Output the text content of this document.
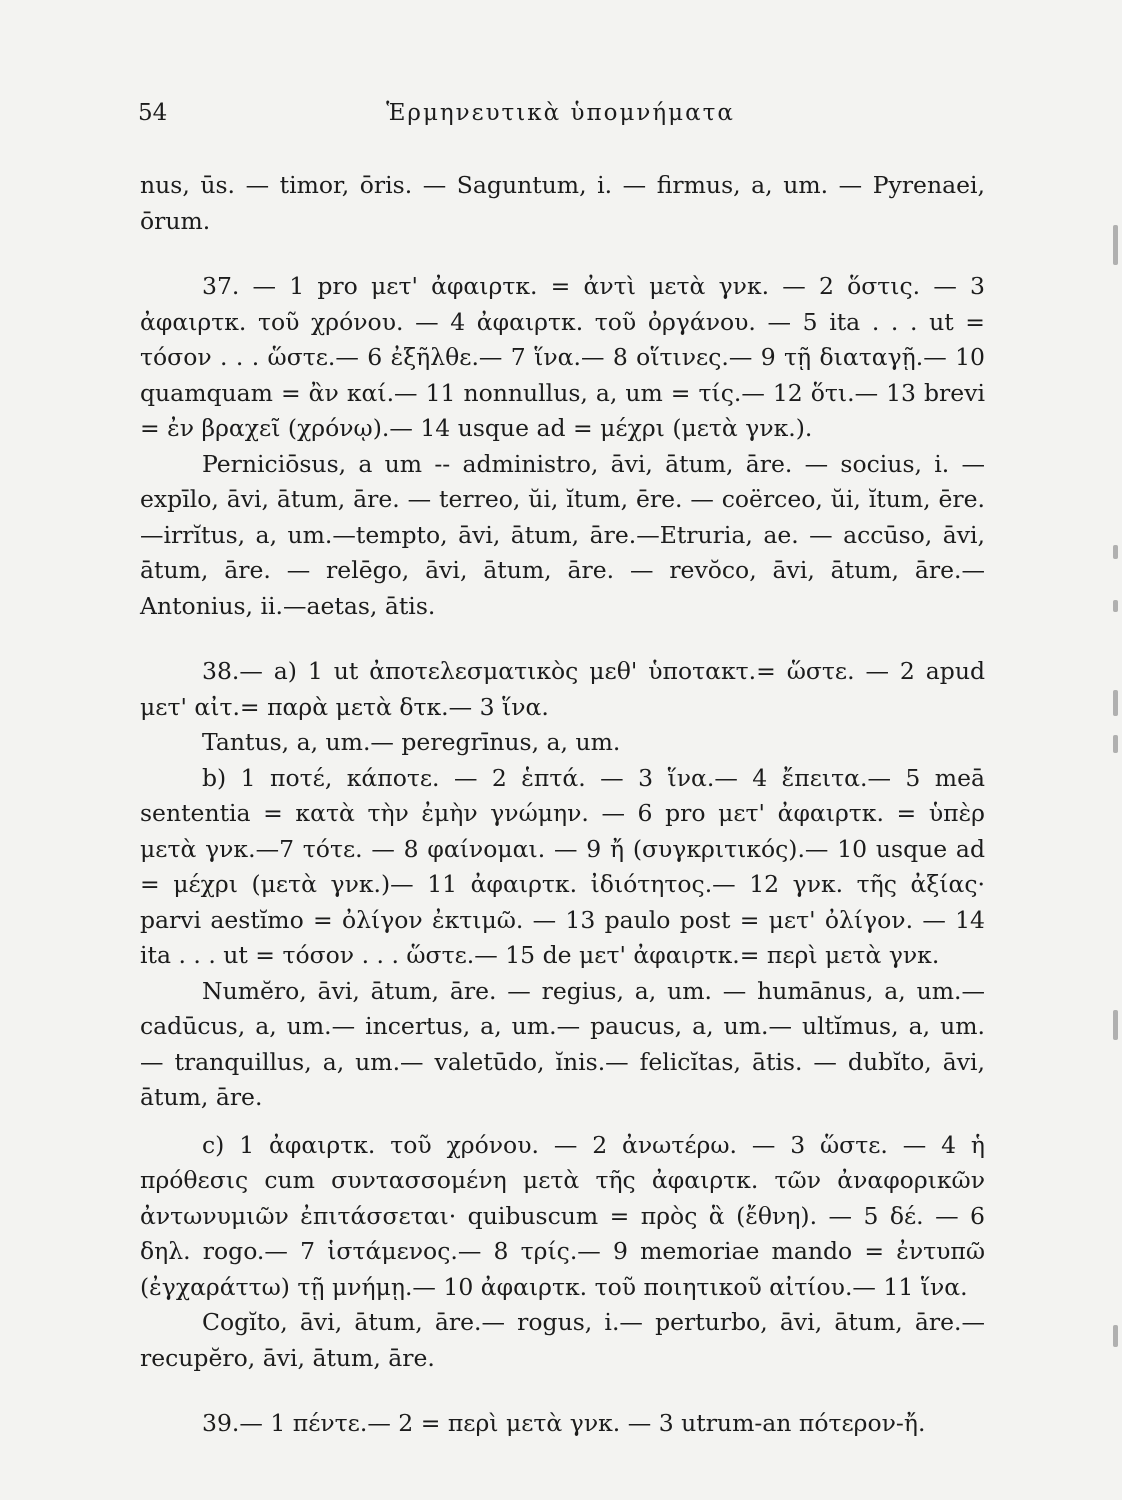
54	Ἑρμηνευτικὰ ὑπομνήματα

nus, ūs. — timor, ōris. — Saguntum, i. — firmus, a, um. — Pyrenaei, ōrum.

37. — 1 pro μετ' ἀφαιρτκ. = ἀντὶ μετὰ γνκ. — 2 ὅστις. — 3 ἀφαιρτκ. τοῦ χρόνου. — 4 ἀφαιρτκ. τοῦ ὀργάνου. — 5 ita . . . ut = τόσον . . . ὥστε.— 6 ἐξῆλθε.— 7 ἵνα.— 8 οἵτινες.— 9 τῇ διαταγῇ.— 10 quamquam = ἂν καί.— 11 nonnullus, a, um = τίς.— 12 ὅτι.— 13 brevi = ἐν βραχεῖ (χρόνῳ).— 14 usque ad = μέχρι (μετὰ γνκ.).

Perniciōsus, a um -- administro, āvi, ātum, āre. — socius, i. — expīlo, āvi, ātum, āre. — terreo, ŭi, ĭtum, ēre. — coërceo, ŭi, ĭtum, ēre.—irrĭtus, a, um.—tempto, āvi, ātum, āre.—Etruria, ae. — accūso, āvi, ātum, āre. — relēgo, āvi, ātum, āre. — revŏco, āvi, ātum, āre.—Antonius, ii.—aetas, ātis.

38.— a) 1 ut ἀποτελεσματικὸς μεθ' ὑποτακτ.= ὥστε. — 2 apud μετ' αἰτ.= παρὰ μετὰ δτκ.— 3 ἵνα.

Tantus, a, um.— peregrīnus, a, um.

b) 1 ποτέ, κάποτε. — 2 ἑπτά. — 3 ἵνα.— 4 ἔπειτα.— 5 meā sententia = κατὰ τὴν ἐμὴν γνώμην. — 6 pro μετ' ἀφαιρτκ. = ὑπὲρ μετὰ γνκ.—7 τότε. — 8 φαίνομαι. — 9 ἤ (συγκριτικός).— 10 usque ad = μέχρι (μετὰ γνκ.)— 11 ἀφαιρτκ. ἰδιότητος.— 12 γνκ. τῆς ἀξίας· parvi aestĭmo = ὀλίγον ἐκτιμῶ. — 13 paulo post = μετ' ὀλίγον. — 14 ita . . . ut = τόσον . . . ὥστε.— 15 de μετ' ἀφαιρτκ.= περὶ μετὰ γνκ.

Numĕro, āvi, ātum, āre. — regius, a, um. — humānus, a, um.— cadūcus, a, um.— incertus, a, um.— paucus, a, um.— ultĭmus, a, um. — tranquillus, a, um.— valetūdo, ĭnis.— felicĭtas, ātis. — dubĭto, āvi, ātum, āre.

c) 1 ἀφαιρτκ. τοῦ χρόνου. — 2 ἀνωτέρω. — 3 ὥστε. — 4 ἡ πρόθεσις cum συντασσομένη μετὰ τῆς ἀφαιρτκ. τῶν ἀναφορικῶν ἀντωνυμιῶν ἐπιτάσσεται· quibuscum = πρὸς ἃ (ἔθνη). — 5 δέ. — 6 δηλ. rogo.— 7 ἱστάμενος.— 8 τρίς.— 9 memoriae mando = ἐντυπῶ (ἐγχαράττω) τῇ μνήμῃ.— 10 ἀφαιρτκ. τοῦ ποιητικοῦ αἰτίου.— 11 ἵνα.

Cogĭto, āvi, ātum, āre.— rogus, i.— perturbo, āvi, ātum, āre.— recupĕro, āvi, ātum, āre.

39.— 1 πέντε.— 2 = περὶ μετὰ γνκ. — 3 utrum-an πότερον-ἤ.
